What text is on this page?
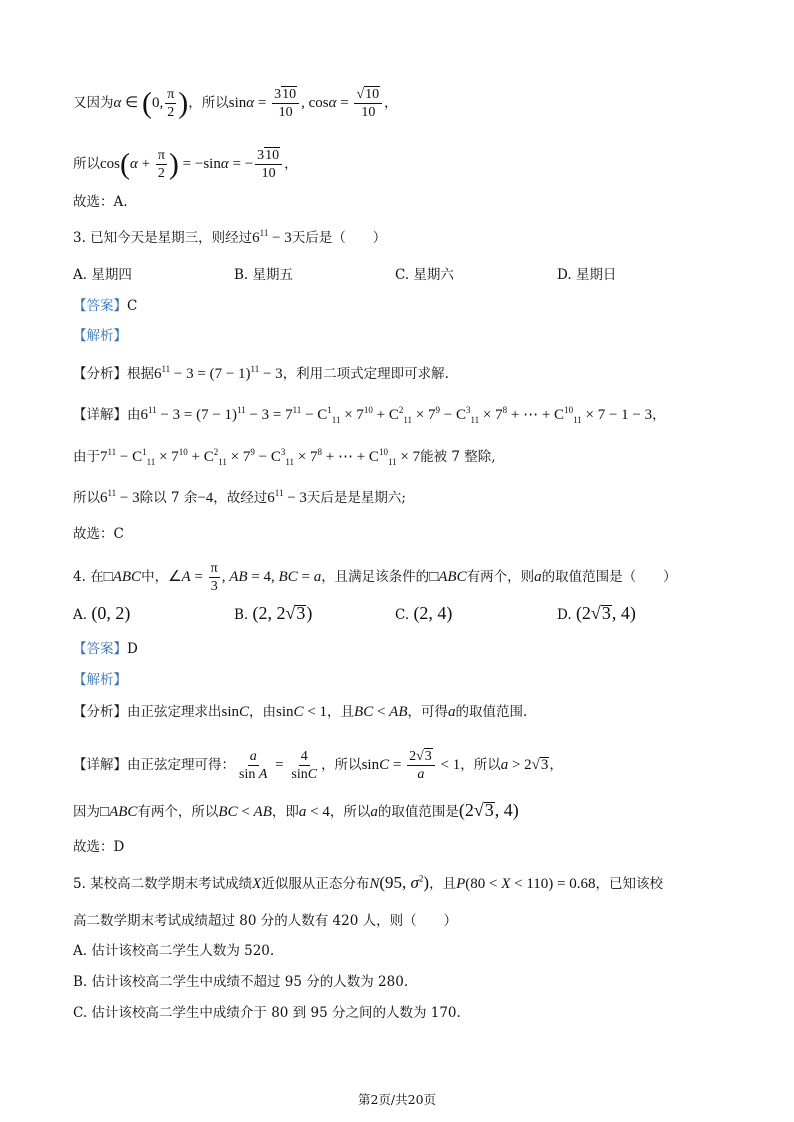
又因为α ∈ (0, $\frac{\pi}{2}$ )，所以$\sin\alpha = \frac{310}{10}$ , $\cos\alpha = \frac{√10}{10}$ ，
所以$\cos(\alpha + \frac{\pi}{2}$ ) = −sinα = − $\frac{310}{10}$ ，
故选：A.
3. 已知今天是星期三，则经过$6^{11} - 3$天后是（　　）
A. 星期四	B. 星期五	C. 星期六	D. 星期日
【答案】C
【解析】
【分析】根据$6^{11} - 3 = (7 - 1)^{11} - 3$，利用二项式定理即可求解.
【详解】由$6^{11} - 3 = (7 - 1)^{11} - 3 = 7^{11} - C^1_{11} \times 7^{10} + C^2_{11} \times 7^9 - C^3_{11} \times 7^8$ + ⋯ + $C^{10}_{11} \times 7 - 1 - 3$，
由于$7^{11} - C^1_{11} \times 7^{10} + C^2_{11} \times 7^9 - C^3_{11} \times 7^8$ + ⋯ + $C^{10}_{11} \times 7$能被 7 整除,
所以$6^{11} - 3$除以 7 余−4，故经过$6^{11} - 3$天后是是星期六;
故选：C
4. 在□ABC中，∠A = $\frac{\pi}{3}$ , AB = 4, BC = a，且满足该条件的□ABC有两个，则a的取值范围是（　　）
A. (0, 2)	B. (2, 2√3)	C. (2, 4)	D. (2√3, 4)
【答案】D
【解析】
【分析】由正弦定理求出sinC，由sinC < 1，且BC < AB，可得a的取值范围.
【详解】由正弦定理可得： $\frac{a}{\text{sin A}} = \frac{4}{\sin C}$ ，所以$\sin C = \frac{2√3}{a} < 1$，所以a > 2√3，
因为□ABC有两个，所以BC < AB，即a < 4，所以a的取值范围是(2√3, 4)
故选：D
5. 某校高二数学期末考试成绩X近似服从正态分布N(95, $\sigma^2$)，且P(80 < X < 110) = 0.68，已知该校
高二数学期末考试成绩超过 80 分的人数有 420 人，则（　　）
A. 估计该校高二学生人数为 520.
B. 估计该校高二学生中成绩不超过 95 分的人数为 280.
C. 估计该校高二学生中成绩介于 80 到 95 分之间的人数为 170.
第2页/共20页
